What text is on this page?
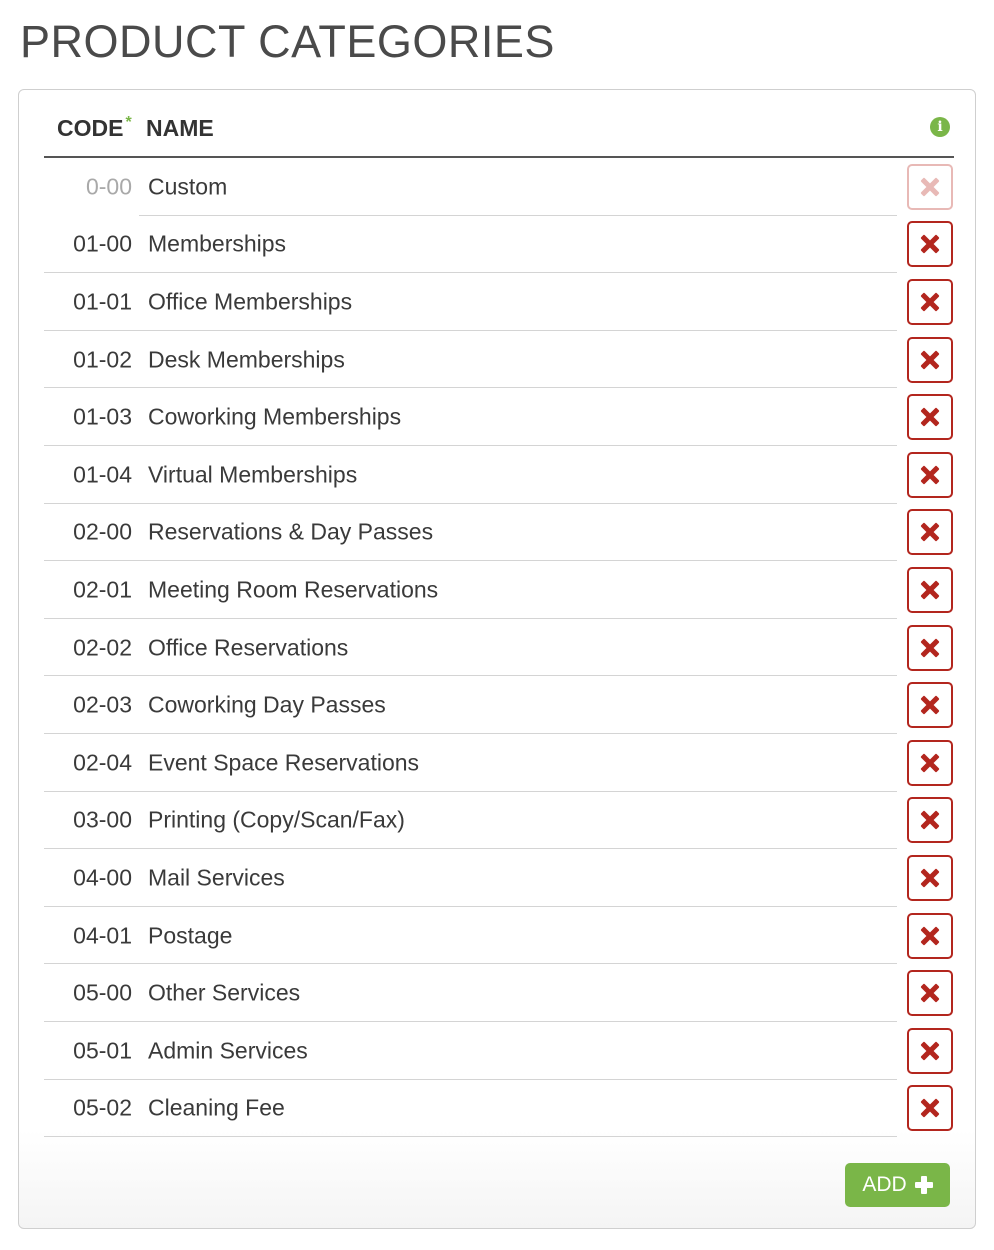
PRODUCT CATEGORIES
CODE * NAME	i
0-00 Custom
01-00 Memberships
01-01 Office Memberships
01-02 Desk Memberships
01-03 Coworking Memberships
01-04 Virtual Memberships
02-00 Reservations & Day Passes
02-01 Meeting Room Reservations
02-02 Office Reservations
02-03 Coworking Day Passes
02-04 Event Space Reservations
03-00 Printing (Copy/Scan/Fax)
04-00 Mail Services
04-01 Postage
05-00 Other Services
05-01 Admin Services
05-02 Cleaning Fee
ADD
